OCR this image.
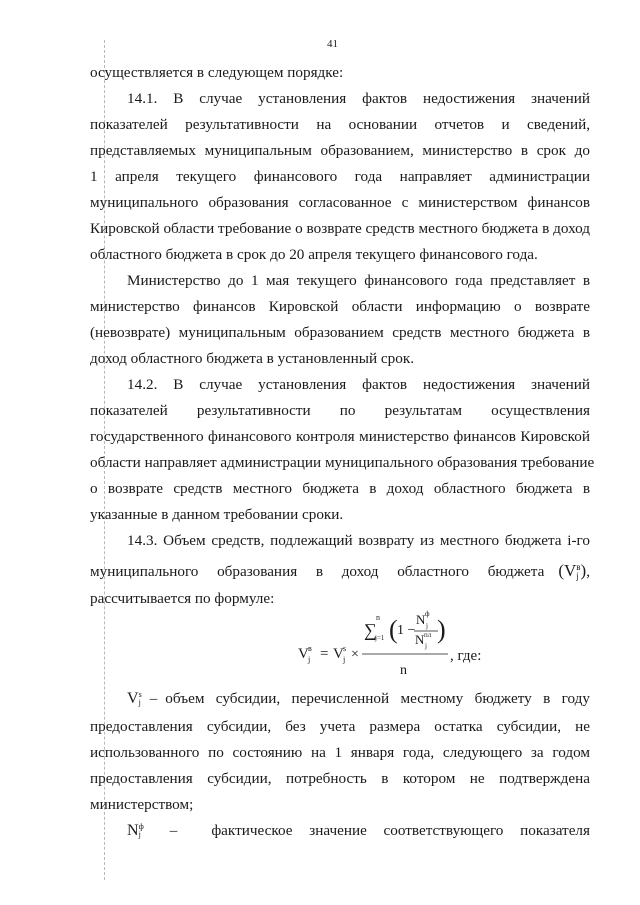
41
осуществляется в следующем порядке:
14.1. В случае установления фактов недостижения значений
показателей результативности на основании отчетов и сведений,
представляемых муниципальным образованием, министерство в срок до
1 апреля текущего финансового года направляет администрации
муниципального образования согласованное с министерством финансов
Кировской области требование о возврате средств местного бюджета в доход
областного бюджета в срок до 20 апреля текущего финансового года.
Министерство до 1 мая текущего финансового года представляет в
министерство финансов Кировской области информацию о возврате
(невозврате) муниципальным образованием средств местного бюджета в
доход областного бюджета в установленный срок.
14.2. В случае установления фактов недостижения значений
показателей результативности по результатам осуществления
государственного финансового контроля министерство финансов Кировской
области направляет администрации муниципального образования требование
о возврате средств местного бюджета в доход областного бюджета в
указанные в данном требовании сроки.
14.3. Объем средств, подлежащий возврату из местного бюджета i-го
рассчитывается по формуле:
предоставления субсидии, без учета размера остатка субсидии, не
использованного по состоянию на 1 января года, следующего за годом
предоставления субсидии, потребность в котором не подтверждена
министерством;
муниципального образования в доход областного бюджета (V в
j ) ,
V в
j = V s
j ×
∑
n
j=1 ( 1 −
N ф
j
N пл
j
)
n
, где:
V s
j – объем субсидии, перечисленной местному бюджету в году
N ф
j – фактическое значение соответствующего показателя
